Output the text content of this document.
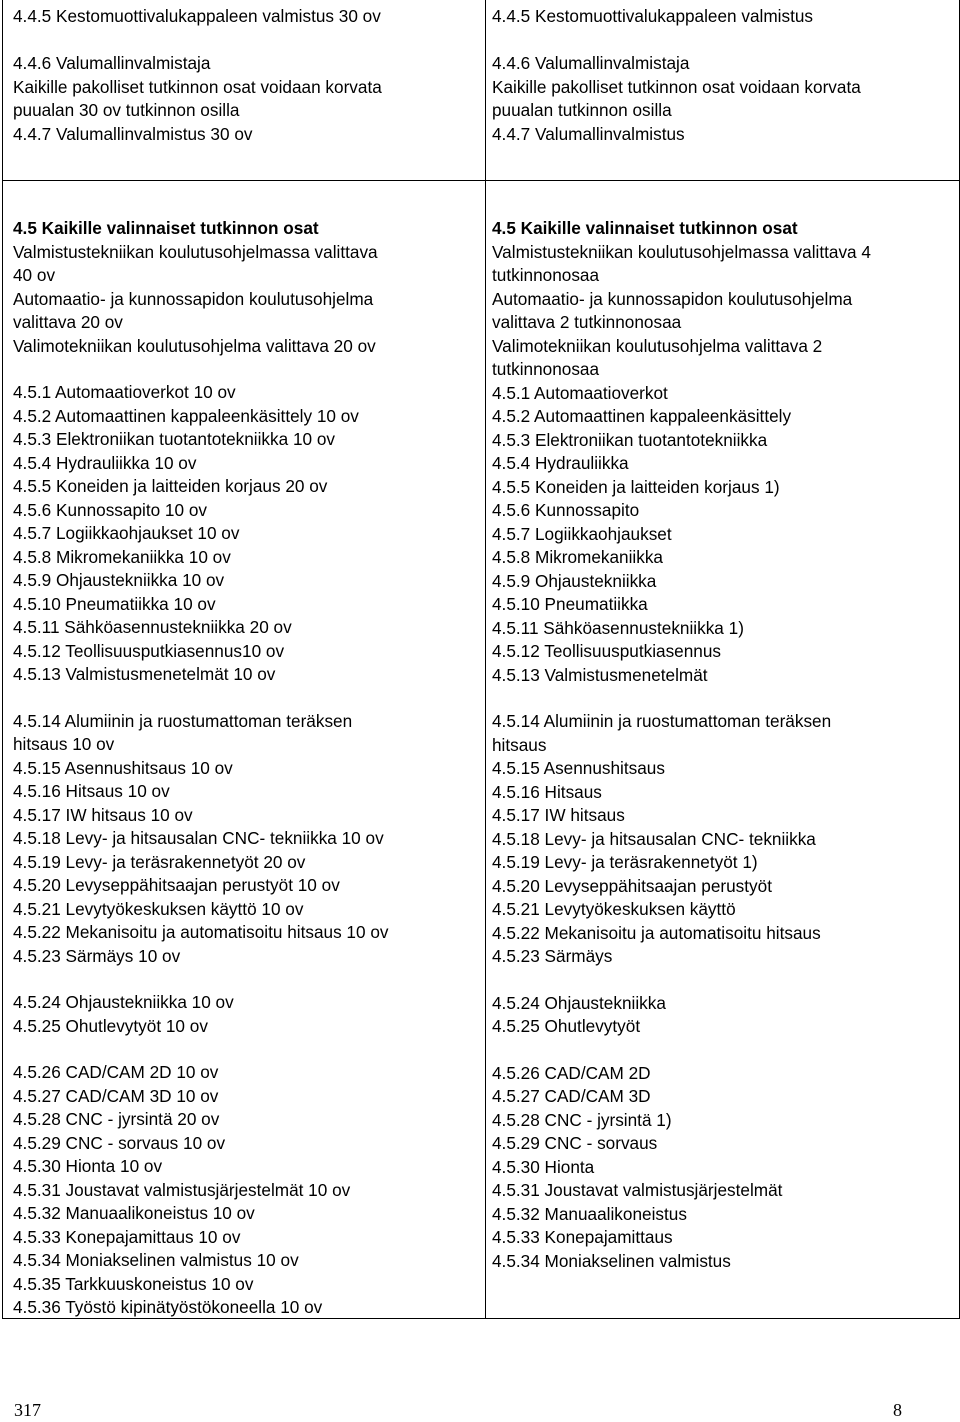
4.4.5 Kestomuottivalukappaleen valmistus 30 ov
4.4.6 Valumallinvalmistaja
Kaikille pakolliset tutkinnon osat voidaan korvata
puualan 30 ov tutkinnon osilla
4.4.7 Valumallinvalmistus 30 ov
4.4.5 Kestomuottivalukappaleen valmistus
4.4.6 Valumallinvalmistaja
Kaikille pakolliset tutkinnon osat voidaan korvata
puualan tutkinnon osilla
4.4.7 Valumallinvalmistus
4.5 Kaikille valinnaiset tutkinnon osat
Valmistustekniikan koulutusohjelmassa valittava
40 ov
Automaatio- ja kunnossapidon koulutusohjelma
valittava 20 ov
Valimotekniikan koulutusohjelma valittava 20 ov
4.5.1 Automaatioverkot 10 ov
4.5.2 Automaattinen kappaleenkäsittely 10 ov
4.5.3 Elektroniikan tuotantotekniikka 10 ov
4.5.4 Hydrauliikka 10 ov
4.5.5 Koneiden ja laitteiden korjaus 20 ov
4.5.6 Kunnossapito 10 ov
4.5.7 Logiikkaohjaukset 10 ov
4.5.8 Mikromekaniikka 10 ov
4.5.9 Ohjaustekniikka 10 ov
4.5.10 Pneumatiikka 10 ov
4.5.11 Sähköasennustekniikka 20 ov
4.5.12 Teollisuusputkiasennus10 ov
4.5.13 Valmistusmenetelmät 10 ov
4.5.14 Alumiinin ja ruostumattoman teräksen
hitsaus 10 ov
4.5.15 Asennushitsaus 10 ov
4.5.16 Hitsaus 10 ov
4.5.17 IW hitsaus 10 ov
4.5.18 Levy- ja hitsausalan CNC- tekniikka 10 ov
4.5.19 Levy- ja teräsrakennetyöt 20 ov
4.5.20 Levyseppähitsaajan perustyöt 10 ov
4.5.21 Levytyökeskuksen käyttö 10 ov
4.5.22 Mekanisoitu ja automatisoitu hitsaus 10 ov
4.5.23 Särmäys 10 ov
4.5.24 Ohjaustekniikka 10 ov
4.5.25 Ohutlevytyöt 10 ov
4.5.26 CAD/CAM 2D 10 ov
4.5.27 CAD/CAM 3D 10 ov
4.5.28 CNC - jyrsintä 20 ov
4.5.29 CNC - sorvaus 10 ov
4.5.30 Hionta 10 ov
4.5.31 Joustavat valmistusjärjestelmät 10 ov
4.5.32 Manuaalikoneistus 10 ov
4.5.33 Konepajamittaus 10 ov
4.5.34 Moniakselinen valmistus 10 ov
4.5.35 Tarkkuuskoneistus 10 ov
4.5.36 Työstö kipinätyöstökoneella 10 ov
4.5 Kaikille valinnaiset tutkinnon osat
Valmistustekniikan koulutusohjelmassa valittava 4
tutkinnonosaa
Automaatio- ja kunnossapidon koulutusohjelma
valittava 2 tutkinnonosaa
Valimotekniikan koulutusohjelma valittava 2
tutkinnonosaa
4.5.1 Automaatioverkot
4.5.2 Automaattinen kappaleenkäsittely
4.5.3 Elektroniikan tuotantotekniikka
4.5.4 Hydrauliikka
4.5.5 Koneiden ja laitteiden korjaus 1)
4.5.6 Kunnossapito
4.5.7 Logiikkaohjaukset
4.5.8 Mikromekaniikka
4.5.9 Ohjaustekniikka
4.5.10 Pneumatiikka
4.5.11 Sähköasennustekniikka 1)
4.5.12 Teollisuusputkiasennus
4.5.13 Valmistusmenetelmät
4.5.14 Alumiinin ja ruostumattoman teräksen
hitsaus
4.5.15 Asennushitsaus
4.5.16 Hitsaus
4.5.17 IW hitsaus
4.5.18 Levy- ja hitsausalan CNC- tekniikka
4.5.19 Levy- ja teräsrakennetyöt 1)
4.5.20 Levyseppähitsaajan perustyöt
4.5.21 Levytyökeskuksen käyttö
4.5.22 Mekanisoitu ja automatisoitu hitsaus
4.5.23 Särmäys
4.5.24 Ohjaustekniikka
4.5.25 Ohutlevytyöt
4.5.26 CAD/CAM 2D
4.5.27 CAD/CAM 3D
4.5.28 CNC - jyrsintä 1)
4.5.29 CNC - sorvaus
4.5.30 Hionta
4.5.31 Joustavat valmistusjärjestelmät
4.5.32 Manuaalikoneistus
4.5.33 Konepajamittaus
4.5.34 Moniakselinen valmistus
317	8
